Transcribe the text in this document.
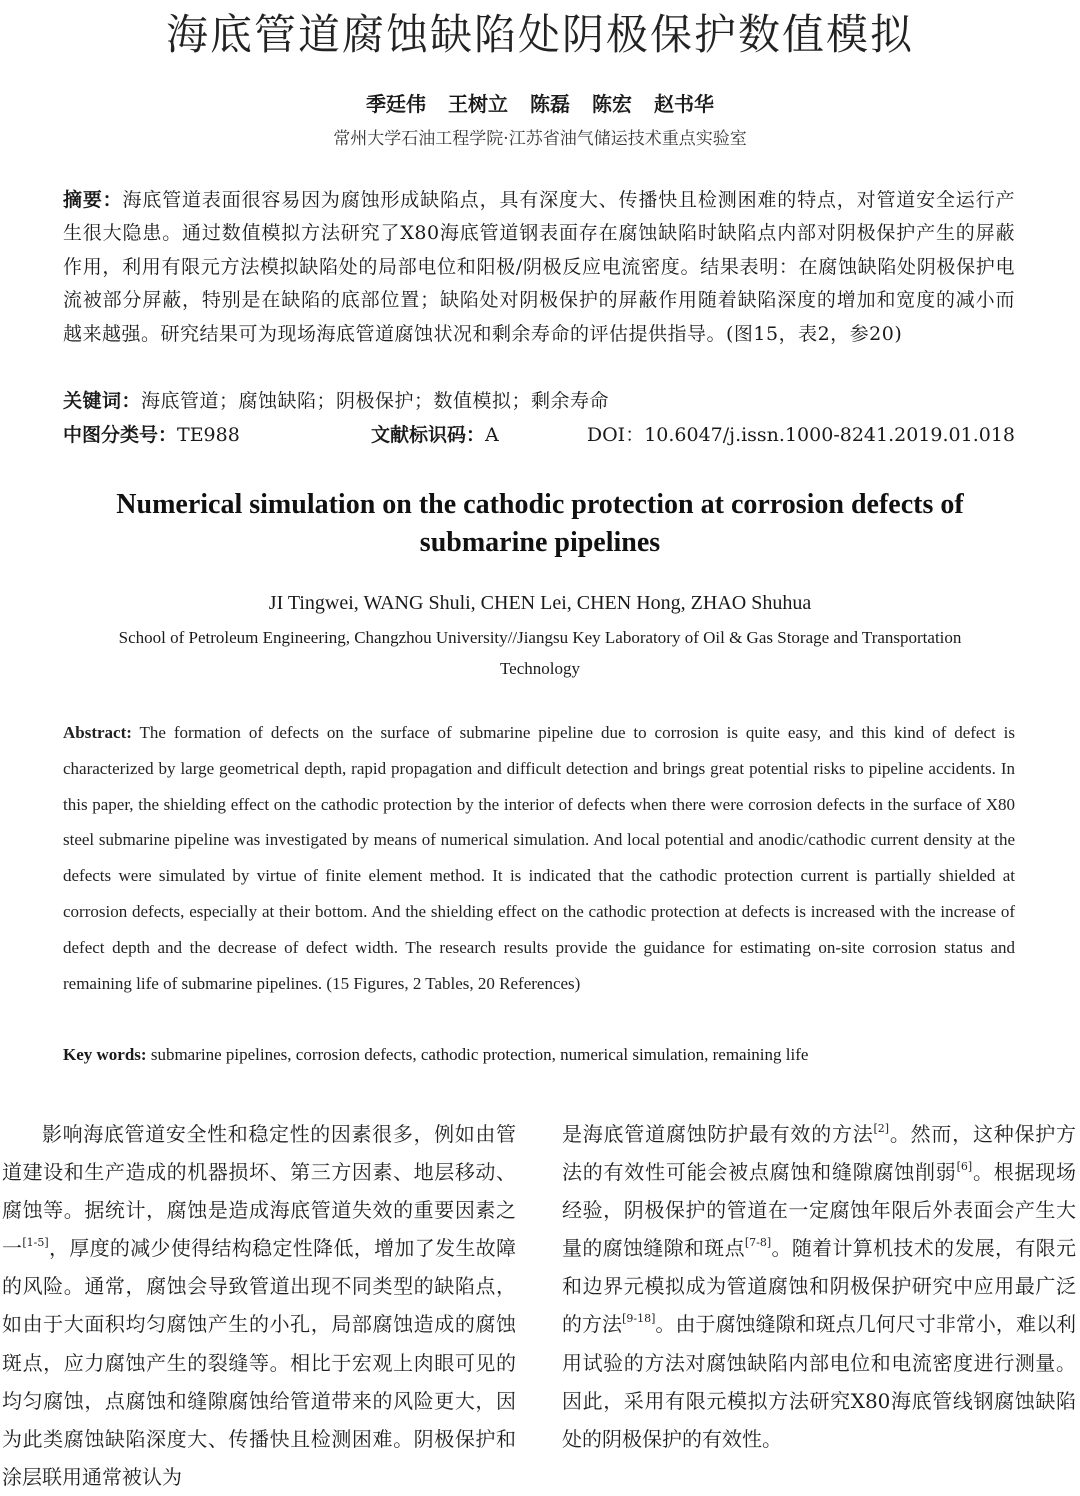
海底管道腐蚀缺陷处阴极保护数值模拟
季廷伟 王树立 陈磊 陈宏 赵书华

常州大学石油工程学院·江苏省油气储运技术重点实验室

摘要：海底管道表面很容易因为腐蚀形成缺陷点，具有深度大、传播快且检测困难的特点，对管道安全运行产生很大隐患。通过数值模拟方法研究了X80海底管道钢表面存在腐蚀缺陷时缺陷点内部对阴极保护产生的屏蔽作用，利用有限元方法模拟缺陷处的局部电位和阳极/阴极反应电流密度。结果表明：在腐蚀缺陷处阴极保护电流被部分屏蔽，特别是在缺陷的底部位置；缺陷处对阴极保护的屏蔽作用随着缺陷深度的增加和宽度的减小而越来越强。研究结果可为现场海底管道腐蚀状况和剩余寿命的评估提供指导。(图15，表2，参20)

关键词：海底管道；腐蚀缺陷；阴极保护；数值模拟；剩余寿命

中图分类号：TE988	文献标识码：A	DOI：10.6047/j.issn.1000-8241.2019.01.018
Numerical simulation on the cathodic protection at corrosion defects of submarine pipelines

JI Tingwei, WANG Shuli, CHEN Lei, CHEN Hong, ZHAO Shuhua

School of Petroleum Engineering, Changzhou University//Jiangsu Key Laboratory of Oil & Gas Storage and Transportation Technology

Abstract: The formation of defects on the surface of submarine pipeline due to corrosion is quite easy, and this kind of defect is characterized by large geometrical depth, rapid propagation and difficult detection and brings great potential risks to pipeline accidents. In this paper, the shielding effect on the cathodic protection by the interior of defects when there were corrosion defects in the surface of X80 steel submarine pipeline was investigated by means of numerical simulation. And local potential and anodic/cathodic current density at the defects were simulated by virtue of finite element method. It is indicated that the cathodic protection current is partially shielded at corrosion defects, especially at their bottom. And the shielding effect on the cathodic protection at defects is increased with the increase of defect depth and the decrease of defect width. The research results provide the guidance for estimating on-site corrosion status and remaining life of submarine pipelines. (15 Figures, 2 Tables, 20 References)

Key words: submarine pipelines, corrosion defects, cathodic protection, numerical simulation, remaining life

影响海底管道安全性和稳定性的因素很多，例如由管道建设和生产造成的机器损坏、第三方因素、地层移动、腐蚀等。据统计，腐蚀是造成海底管道失效的重要因素之一[1-5]，厚度的减少使得结构稳定性降低，增加了发生故障的风险。通常，腐蚀会导致管道出现不同类型的缺陷点，如由于大面积均匀腐蚀产生的小孔，局部腐蚀造成的腐蚀斑点，应力腐蚀产生的裂缝等。相比于宏观上肉眼可见的均匀腐蚀，点腐蚀和缝隙腐蚀给管道带来的风险更大，因为此类腐蚀缺陷深度大、传播快且检测困难。阴极保护和涂层联用通常被认为

是海底管道腐蚀防护最有效的方法[2]。然而，这种保护方法的有效性可能会被点腐蚀和缝隙腐蚀削弱[6]。根据现场经验，阴极保护的管道在一定腐蚀年限后外表面会产生大量的腐蚀缝隙和斑点[7-8]。随着计算机技术的发展，有限元和边界元模拟成为管道腐蚀和阴极保护研究中应用最广泛的方法[9-18]。由于腐蚀缝隙和斑点几何尺寸非常小，难以利用试验的方法对腐蚀缺陷内部电位和电流密度进行测量。因此，采用有限元模拟方法研究X80海底管线钢腐蚀缺陷处的阴极保护的有效性。
